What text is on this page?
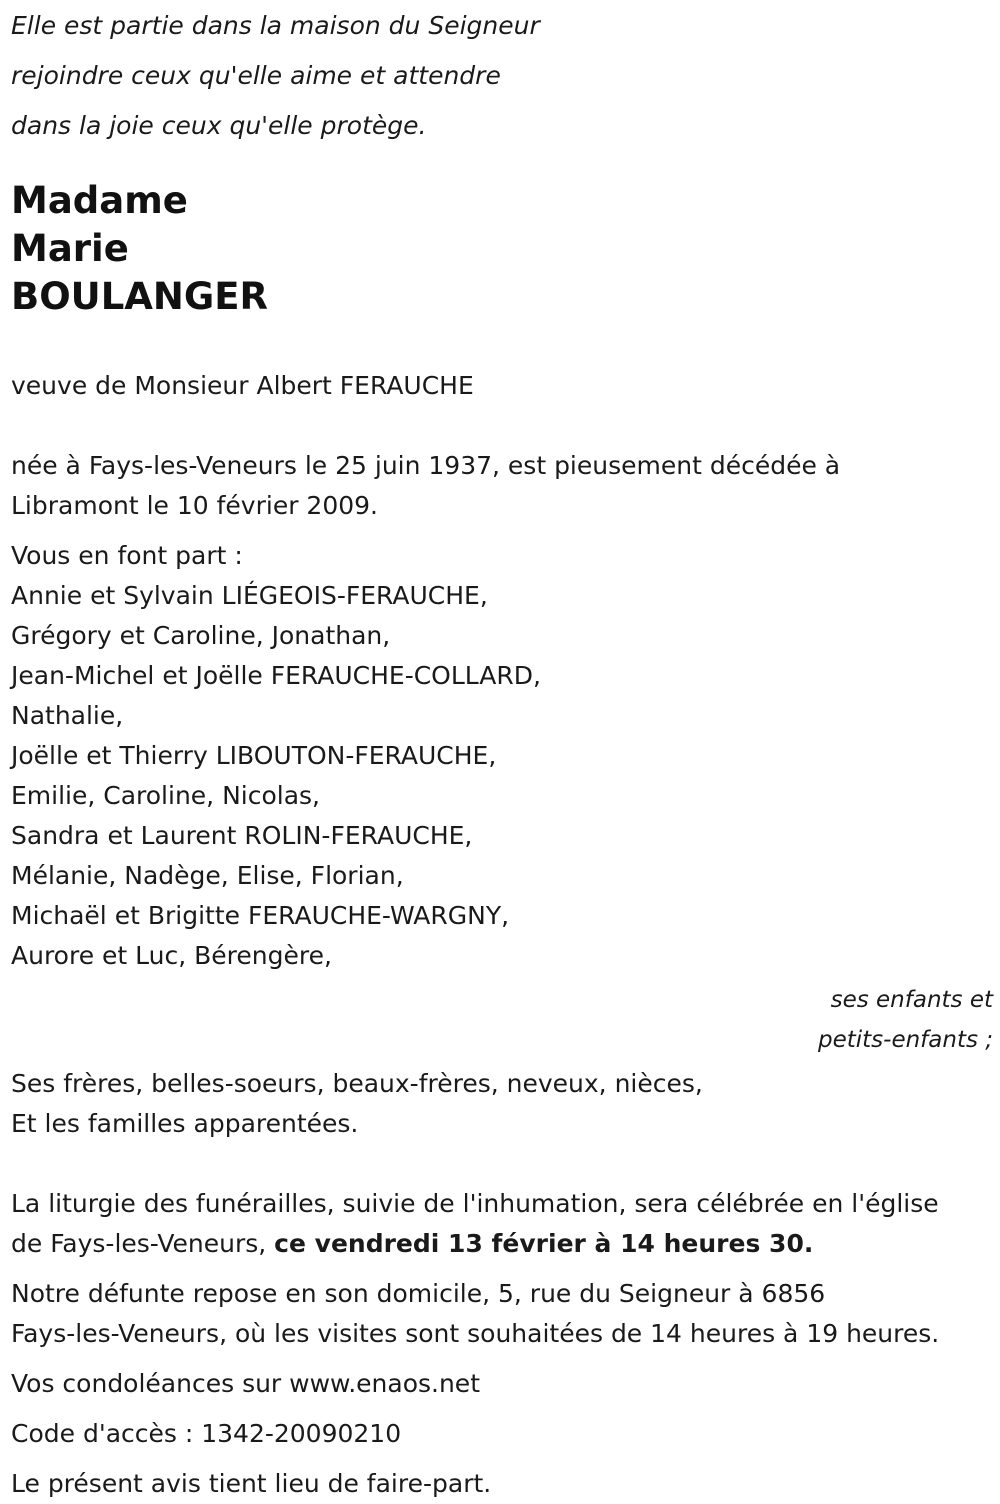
Elle est partie dans la maison du Seigneur
rejoindre ceux qu'elle aime et attendre
dans la joie ceux qu'elle protège.
Madame
Marie
BOULANGER
veuve de Monsieur Albert FERAUCHE
née à Fays-les-Veneurs le 25 juin 1937, est pieusement décédée à
Libramont le 10 février 2009.
Vous en font part :
Annie et Sylvain LIÉGEOIS-FERAUCHE,
Grégory et Caroline, Jonathan,
Jean-Michel et Joëlle FERAUCHE-COLLARD,
Nathalie,
Joëlle et Thierry LIBOUTON-FERAUCHE,
Emilie, Caroline, Nicolas,
Sandra et Laurent ROLIN-FERAUCHE,
Mélanie, Nadège, Elise, Florian,
Michaël et Brigitte FERAUCHE-WARGNY,
Aurore et Luc, Bérengère,
ses enfants et
petits-enfants ;
Ses frères, belles-soeurs, beaux-frères, neveux, nièces,
Et les familles apparentées.
La liturgie des funérailles, suivie de l'inhumation, sera célébrée en l'église
de Fays-les-Veneurs, ce vendredi 13 février à 14 heures 30.
Notre défunte repose en son domicile, 5, rue du Seigneur à 6856
Fays-les-Veneurs, où les visites sont souhaitées de 14 heures à 19 heures.
Vos condoléances sur www.enaos.net
Code d'accès : 1342-20090210
Le présent avis tient lieu de faire-part.
